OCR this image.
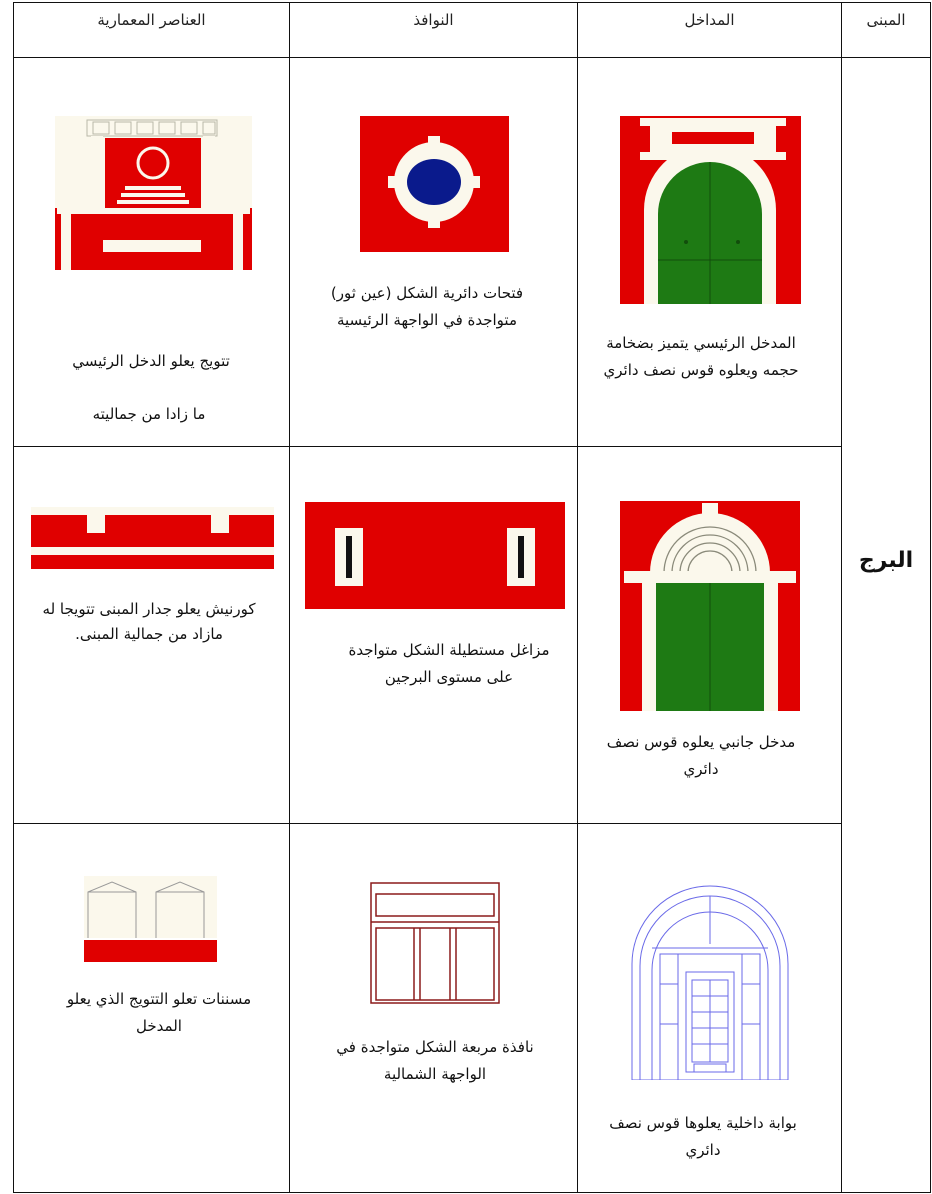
العناصر المعمارية	النوافذ	المداخل	المبنى

تتويج يعلو الدخل الرئيسي
ما زادا من جماليته	فتحات دائرية الشكل (عين ثور) متواجدة في الواجهة الرئيسية	المدخل الرئيسي يتميز بضخامة حجمه ويعلوه قوس نصف دائري	البرج

كورنيش يعلو جدار المبنى تتويجا له مازاد من جمالية المبنى.	مزاغل مستطيلة الشكل متواجدة على مستوى البرجين	مدخل جانبي يعلوه قوس نصف دائري	

مسننات تعلو التتويج الذي يعلو المدخل	نافذة مربعة الشكل متواجدة في الواجهة الشمالية	بوابة داخلية يعلوها قوس نصف دائري	
